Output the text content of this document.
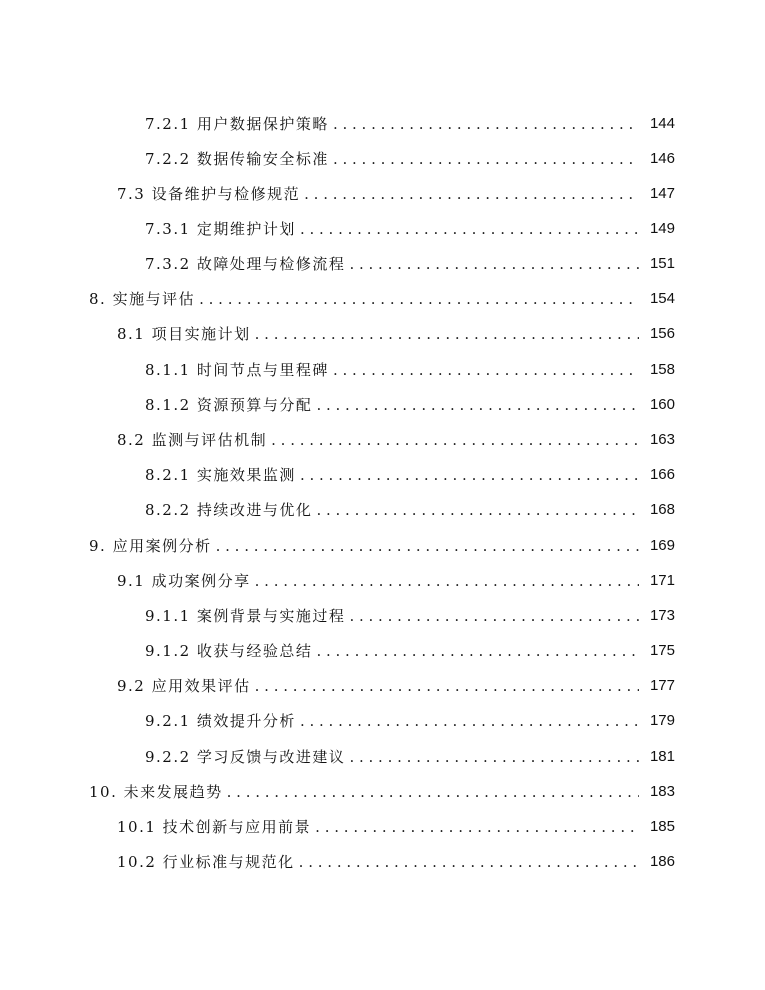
7.2.1 用户数据保护策略 . . .	144
7.2.2 数据传输安全标准 . . .	146
7.3 设备维护与检修规范 . . .	147
7.3.1 定期维护计划 . . .	149
7.3.2 故障处理与检修流程 . . .	151
8. 实施与评估 . . .	154
8.1 项目实施计划 . . .	156
8.1.1 时间节点与里程碑 . . .	158
8.1.2 资源预算与分配 . . .	160
8.2 监测与评估机制 . . .	163
8.2.1 实施效果监测 . . .	166
8.2.2 持续改进与优化 . . .	168
9. 应用案例分析 . . .	169
9.1 成功案例分享 . . .	171
9.1.1 案例背景与实施过程 . . .	173
9.1.2 收获与经验总结 . . .	175
9.2 应用效果评估 . . .	177
9.2.1 绩效提升分析 . . .	179
9.2.2 学习反馈与改进建议 . . .	181
10. 未来发展趋势 . . .	183
10.1 技术创新与应用前景 . . .	185
10.2 行业标准与规范化 . . .	186
